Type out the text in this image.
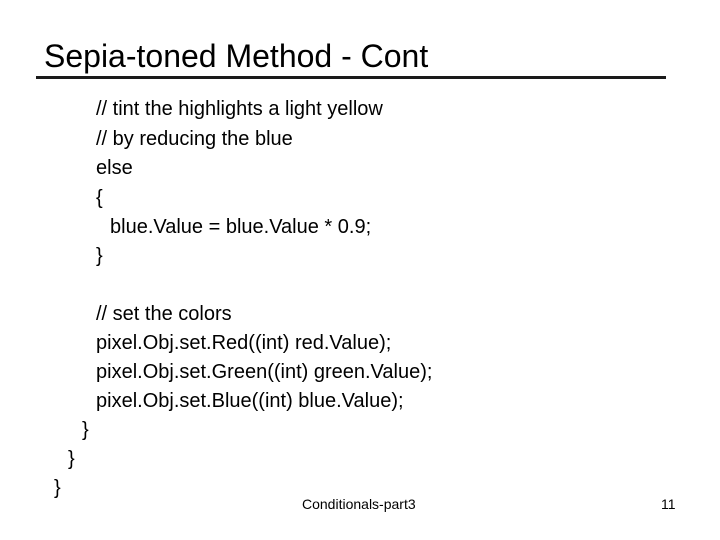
Sepia-toned Method - Cont
// tint the highlights a light yellow
// by reducing the blue
else
{
blue.Value = blue.Value * 0.9;
}
// set the colors
pixel.Obj.set.Red((int) red.Value);
pixel.Obj.set.Green((int) green.Value);
pixel.Obj.set.Blue((int) blue.Value);
}
}
}
Conditionals-part3	11
